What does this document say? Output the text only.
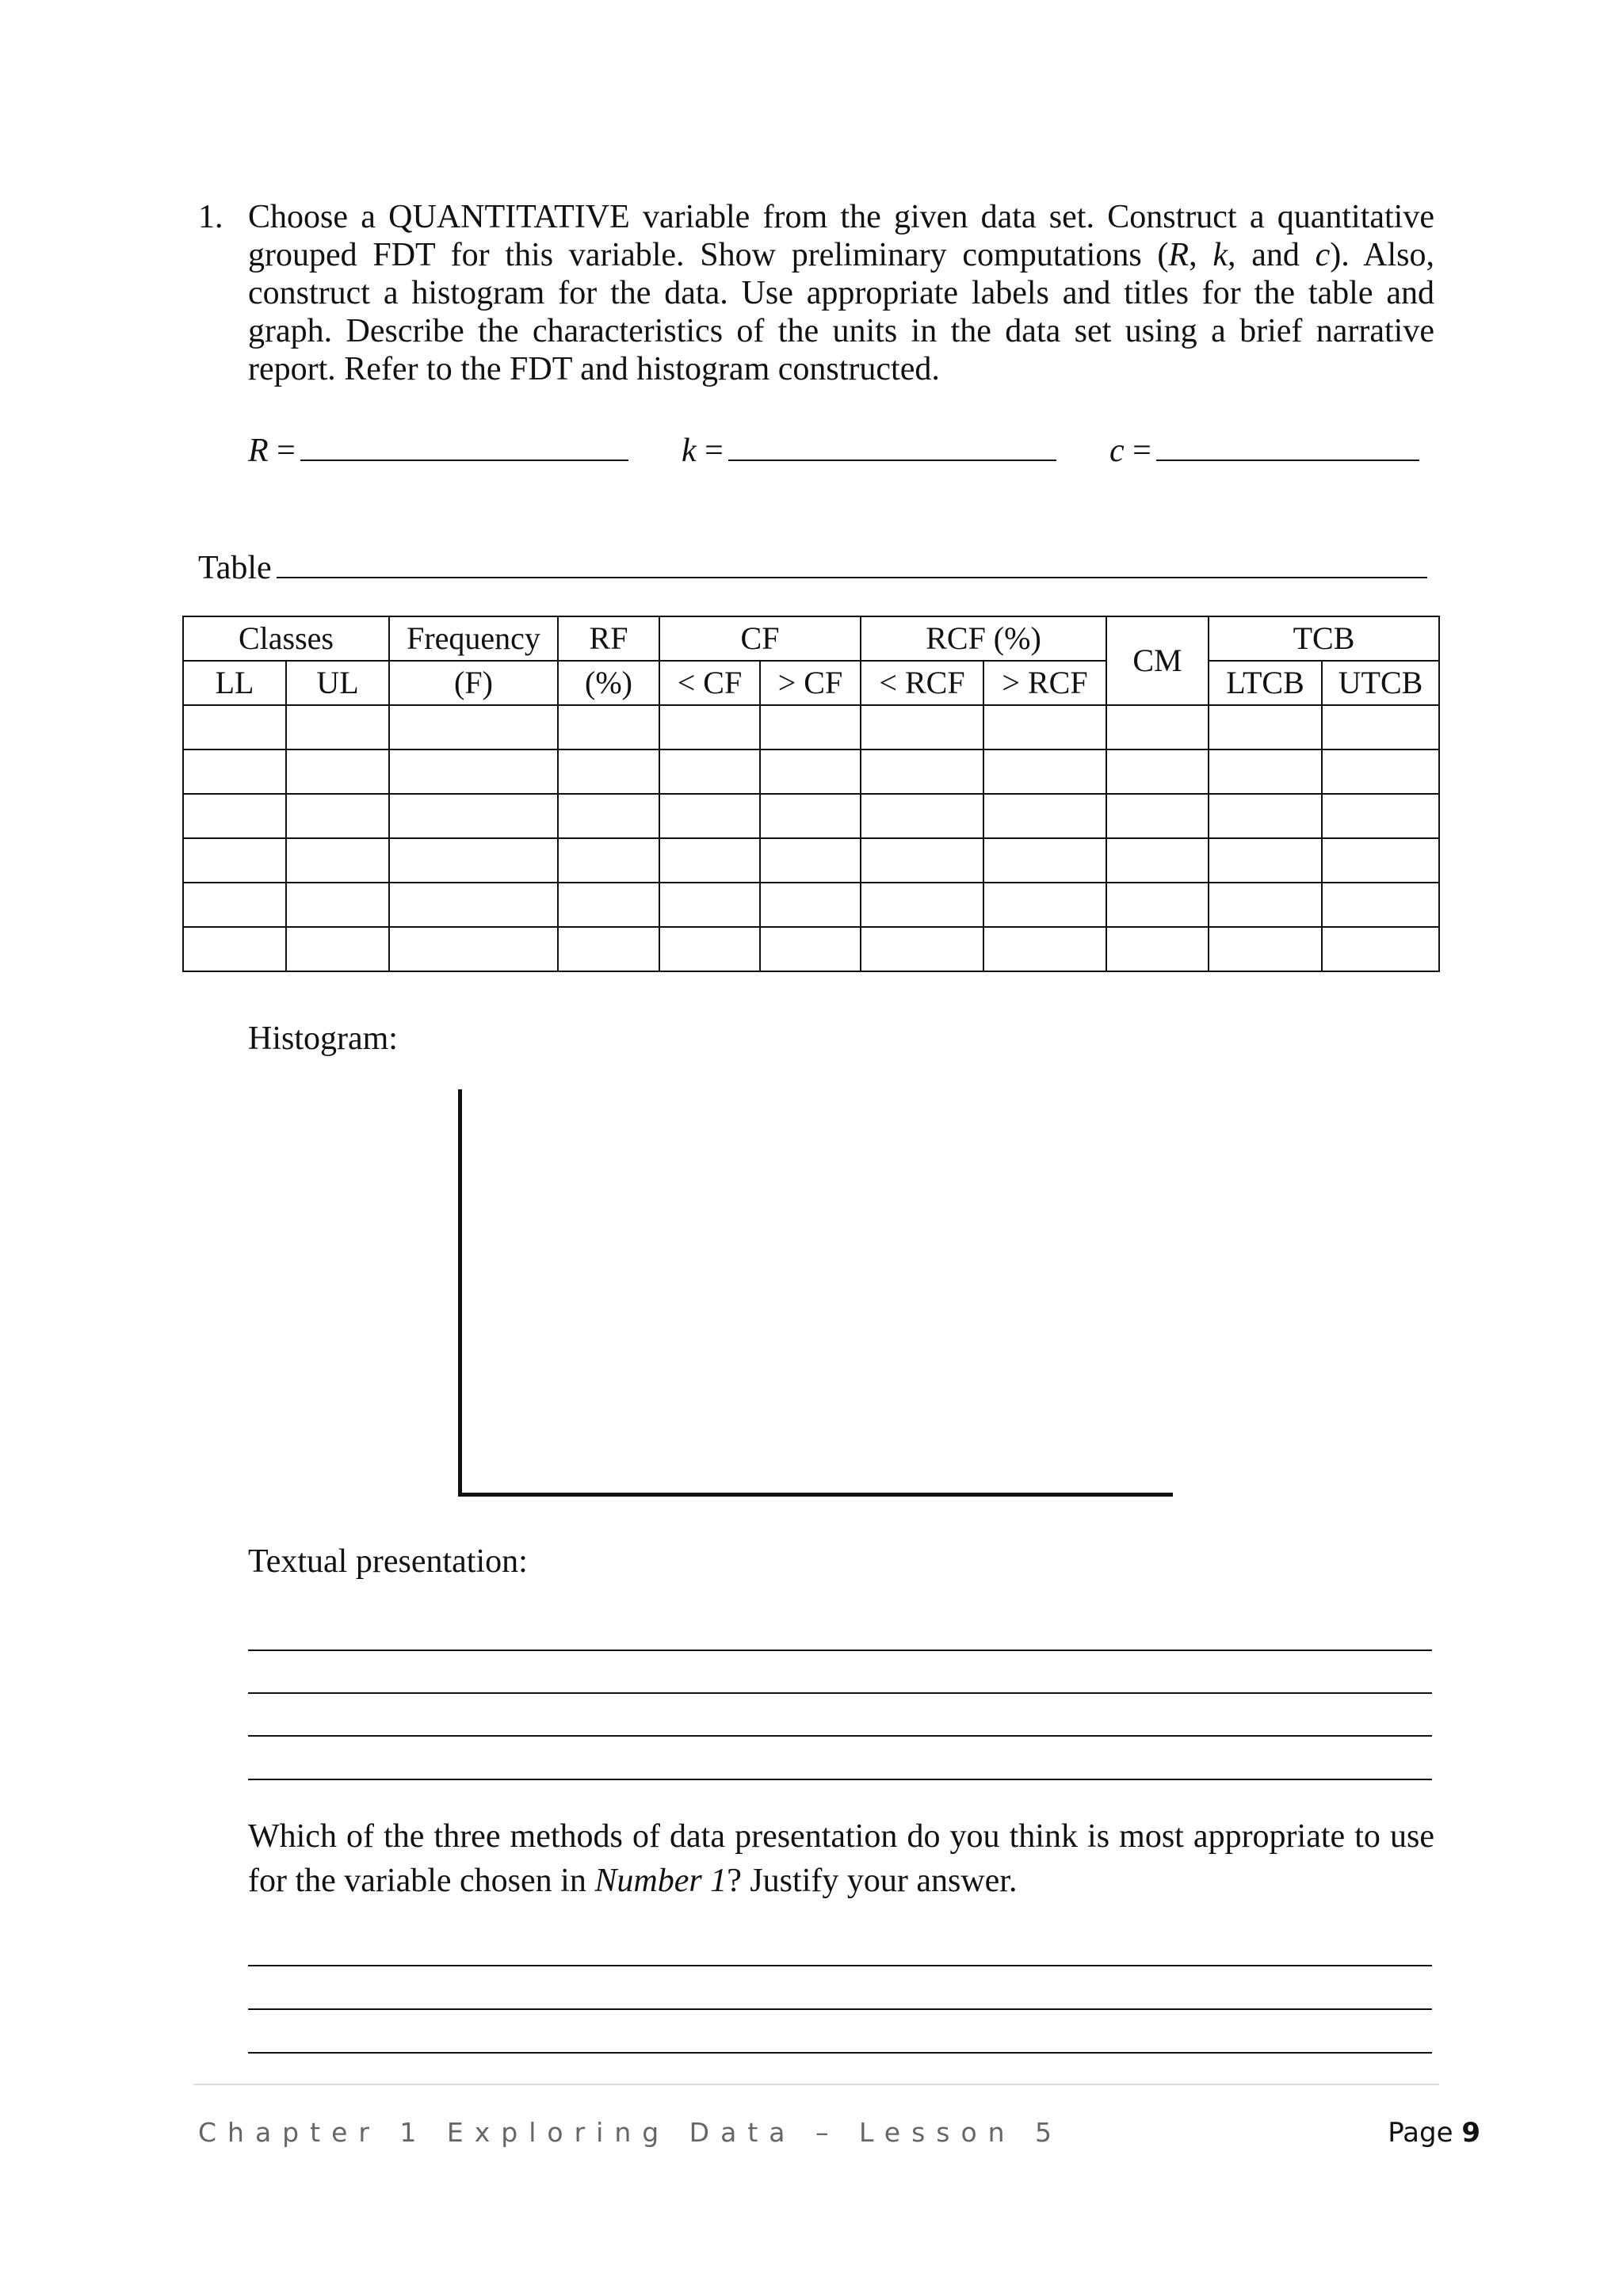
1. Choose a QUANTITATIVE variable from the given data set. Construct a quantitative grouped FDT for this variable. Show preliminary computations (R, k, and c). Also, construct a histogram for the data. Use appropriate labels and titles for the table and graph. Describe the characteristics of the units in the data set using a brief narrative report. Refer to the FDT and histogram constructed.
R =	k =	c =
Table
Classes		Frequency	RF	CF		RCF (%)		CM	TCB	
LL	UL	(F)	(%)	< CF	> CF	< RCF	> RCF		LTCB	UTCB

Histogram:
Textual presentation:
Which of the three methods of data presentation do you think is most appropriate to use for the variable chosen in Number 1? Justify your answer.
Chapter 1 Exploring Data – Lesson 5	Page 9
